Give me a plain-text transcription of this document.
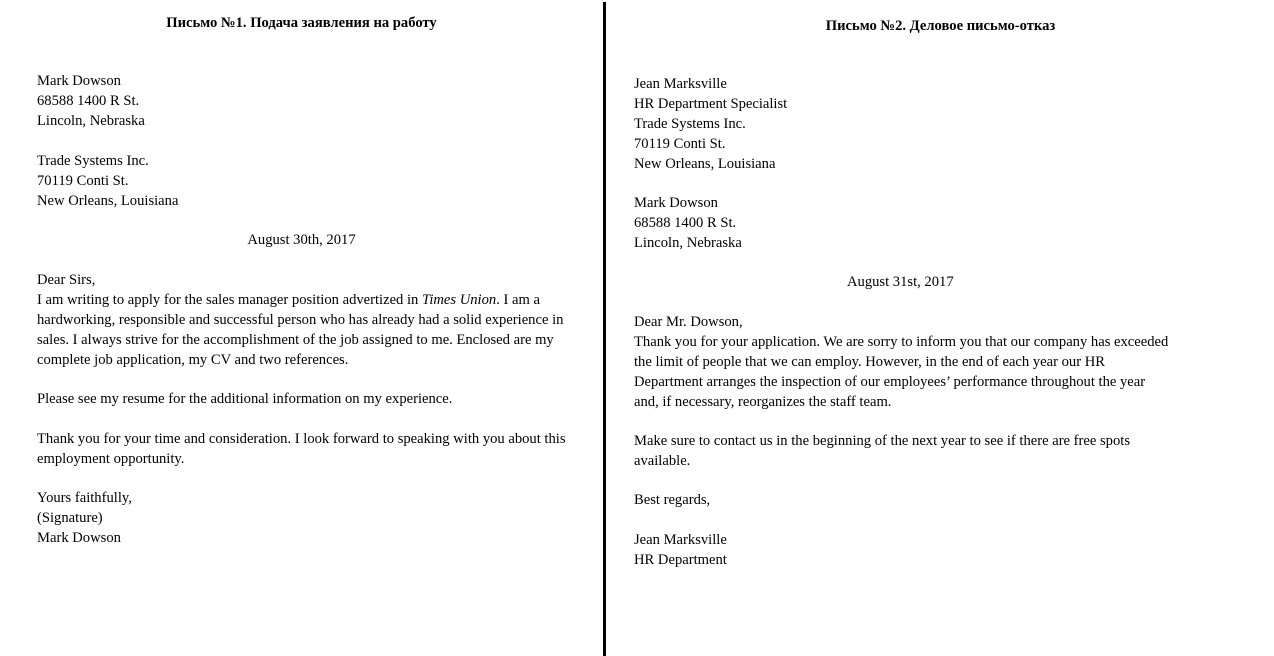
Письмо №1. Подача заявления на работу
Mark Dowson
68588 1400 R St.
Lincoln, Nebraska
Trade Systems Inc.
70119 Conti St.
New Orleans, Louisiana
August 30th, 2017
Dear Sirs,
I am writing to apply for the sales manager position advertized in Times Union. I am a
hardworking, responsible and successful person who has already had a solid experience in
sales. I always strive for the accomplishment of the job assigned to me. Enclosed are my
complete job application, my CV and two references.
Please see my resume for the additional information on my experience.
Thank you for your time and consideration. I look forward to speaking with you about this
employment opportunity.
Yours faithfully,
(Signature)
Mark Dowson
Письмо №2. Деловое письмо-отказ
Jean Marksville
HR Department Specialist
Trade Systems Inc.
70119 Conti St.
New Orleans, Louisiana
Mark Dowson
68588 1400 R St.
Lincoln, Nebraska
August 31st, 2017
Dear Mr. Dowson,
Thank you for your application. We are sorry to inform you that our company has exceeded
the limit of people that we can employ. However, in the end of each year our HR
Department arranges the inspection of our employees’ performance throughout the year
and, if necessary, reorganizes the staff team.
Make sure to contact us in the beginning of the next year to see if there are free spots
available.
Best regards,
Jean Marksville
HR Department
